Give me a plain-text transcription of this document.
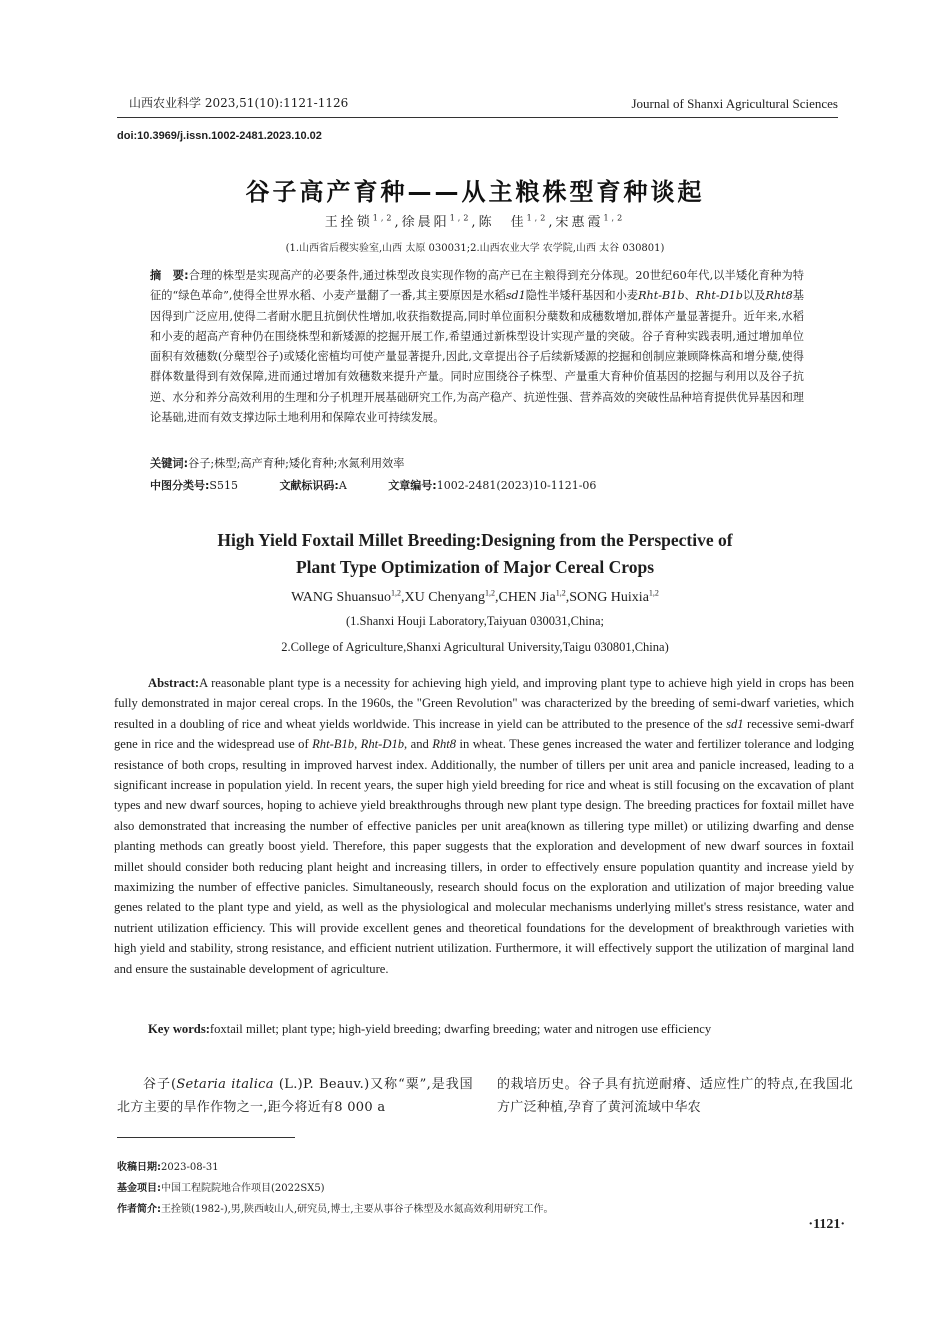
山西农业科学 2023,51(10):1121-1126	Journal of Shanxi Agricultural Sciences
doi:10.3969/j.issn.1002-2481.2023.10.02
谷子高产育种——从主粮株型育种谈起
王拴锁$^{1,2}$,徐晨阳$^{1,2}$,陈　佳$^{1,2}$,宋惠霞$^{1,2}$
(1.山西省后稷实验室,山西 太原 030031;2.山西农业大学 农学院,山西 太谷 030801)
摘　要:合理的株型是实现高产的必要条件,通过株型改良实现作物的高产已在主粮得到充分体现。20世纪60年代,以半矮化育种为特征的“绿色革命”,使得全世界水稻、小麦产量翻了一番,其主要原因是水稻sd1隐性半矮秆基因和小麦Rht-B1b、Rht-D1b以及Rht8基因得到广泛应用,使得二者耐水肥且抗倒伏性增加,收获指数提高,同时单位面积分蘖数和成穗数增加,群体产量显著提升。近年来,水稻和小麦的超高产育种仍在围绕株型和新矮源的挖掘开展工作,希望通过新株型设计实现产量的突破。谷子育种实践表明,通过增加单位面积有效穗数(分蘖型谷子)或矮化密植均可使产量显著提升,因此,文章提出谷子后续新矮源的挖掘和创制应兼顾降株高和增分蘖,使得群体数量得到有效保障,进而通过增加有效穗数来提升产量。同时应围绕谷子株型、产量重大育种价值基因的挖掘与利用以及谷子抗逆、水分和养分高效利用的生理和分子机理开展基础研究工作,为高产稳产、抗逆性强、营养高效的突破性品种培育提供优异基因和理论基础,进而有效支撑边际土地利用和保障农业可持续发展。
关键词:谷子;株型;高产育种;矮化育种;水氮利用效率
中图分类号:S515	文献标识码:A	文章编号:1002-2481(2023)10-1121-06
High Yield Foxtail Millet Breeding:Designing from the Perspective of
Plant Type Optimization of Major Cereal Crops
WANG Shuansuo$^{1,2}$,XU Chenyang$^{1,2}$,CHEN Jia$^{1,2}$,SONG Huixia$^{1,2}$
(1.Shanxi Houji Laboratory,Taiyuan 030031,China;
2.College of Agriculture,Shanxi Agricultural University,Taigu 030801,China)
Abstract:A reasonable plant type is a necessity for achieving high yield, and improving plant type to achieve high yield in crops has been fully demonstrated in major cereal crops. In the 1960s, the "Green Revolution" was characterized by the breeding of semi-dwarf varieties, which resulted in a doubling of rice and wheat yields worldwide. This increase in yield can be attributed to the presence of the sd1 recessive semi-dwarf gene in rice and the widespread use of Rht-B1b, Rht-D1b, and Rht8 in wheat. These genes increased the water and fertilizer tolerance and lodging resistance of both crops, resulting in improved harvest index. Additionally, the number of tillers per unit area and panicle increased, leading to a significant increase in population yield. In recent years, the super high yield breeding for rice and wheat is still focusing on the excavation of plant types and new dwarf sources, hoping to achieve yield breakthroughs through new plant type design. The breeding practices for foxtail millet have also demonstrated that increasing the number of effective panicles per unit area(known as tillering type millet) or utilizing dwarfing and dense planting methods can greatly boost yield. Therefore, this paper suggests that the exploration and development of new dwarf sources in foxtail millet should consider both reducing plant height and increasing tillers, in order to effectively ensure population quantity and increase yield by maximizing the number of effective panicles. Simultaneously, research should focus on the exploration and utilization of major breeding value genes related to the plant type and yield, as well as the physiological and molecular mechanisms underlying millet's stress resistance, water and nutrient utilization efficiency. This will provide excellent genes and theoretical foundations for the development of breakthrough varieties with high yield and stability, strong resistance, and efficient nutrient utilization. Furthermore, it will effectively support the utilization of marginal land and ensure the sustainable development of agriculture.
Key words:foxtail millet; plant type; high-yield breeding; dwarfing breeding; water and nitrogen use efficiency
谷子(Setaria italica (L.)P. Beauv.)又称“粟”,是我国北方主要的旱作作物之一,距今将近有8 000 a
的栽培历史。谷子具有抗逆耐瘠、适应性广的特点,在我国北方广泛种植,孕育了黄河流域中华农
收稿日期:2023-08-31
基金项目:中国工程院院地合作项目(2022SX5)
作者简介:王拴锁(1982-),男,陕西岐山人,研究员,博士,主要从事谷子株型及水氮高效利用研究工作。
·1121·
